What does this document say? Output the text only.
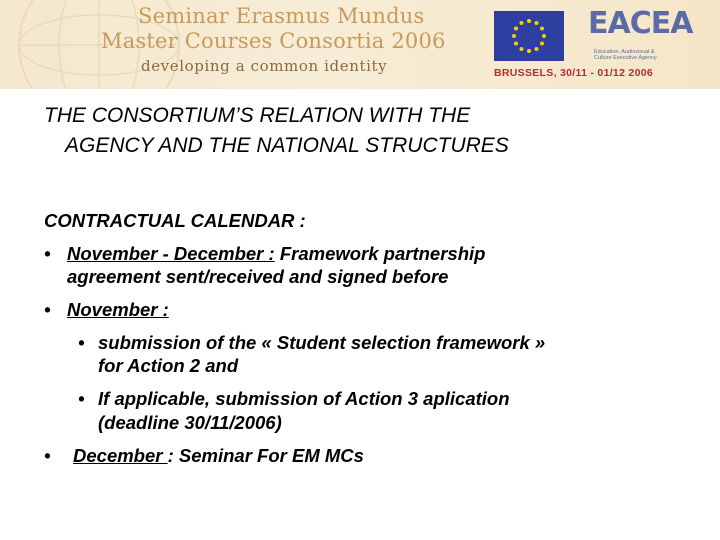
Seminar Erasmus Mundus
Master Courses Consortia 2006
developing a common identity
EACEA
Education, Audiovisual & Culture Executive Agency
BRUSSELS, 30/11 - 01/12 2006
THE CONSORTIUM’S RELATION WITH THE
AGENCY AND THE NATIONAL STRUCTURES
CONTRACTUAL CALENDAR :
• November - December : Framework partnership
agreement sent/received and signed before
• November :
• submission of the « Student selection framework »
for Action 2 and
• If applicable, submission of Action 3 aplication
(deadline 30/11/2006)
• December : Seminar For EM MCs
